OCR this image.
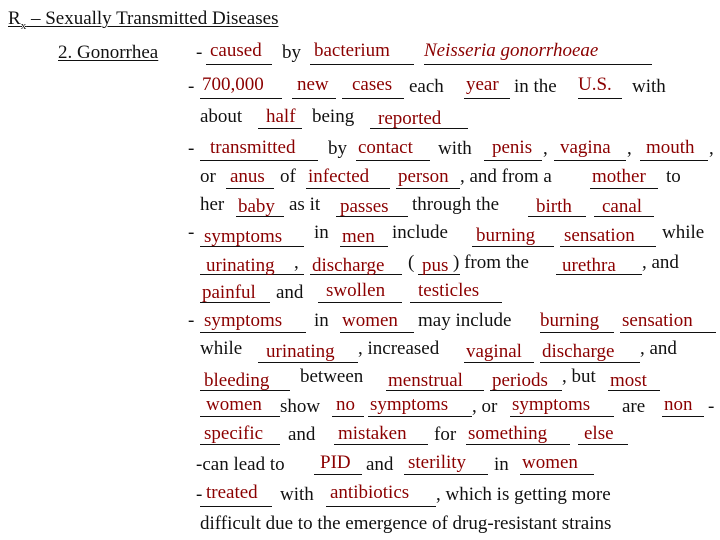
$R_x$ – Sexually Transmitted Diseases
2. Gonorrhea - caused by bacterium Neisseria gonorrhoeae
- 700,000 new cases each year in the U.S. with
about half being reported
- transmitted by contact with penis , vagina , mouth ,
or anus of infected person , and from a mother to
her baby as it passes through the birth canal
- symptoms in men include burning sensation while
urinating , discharge ( pus ) from the urethra , and
painful and swollen testicles
- symptoms in women may include burning sensation
while urinating , increased vaginal discharge , and
bleeding between menstrual periods , but most
women show no symptoms , or symptoms are non -
specific and mistaken for something else
-can lead to PID and sterility in women
- treated with antibiotics , which is getting more
difficult due to the emergence of drug-resistant strains
